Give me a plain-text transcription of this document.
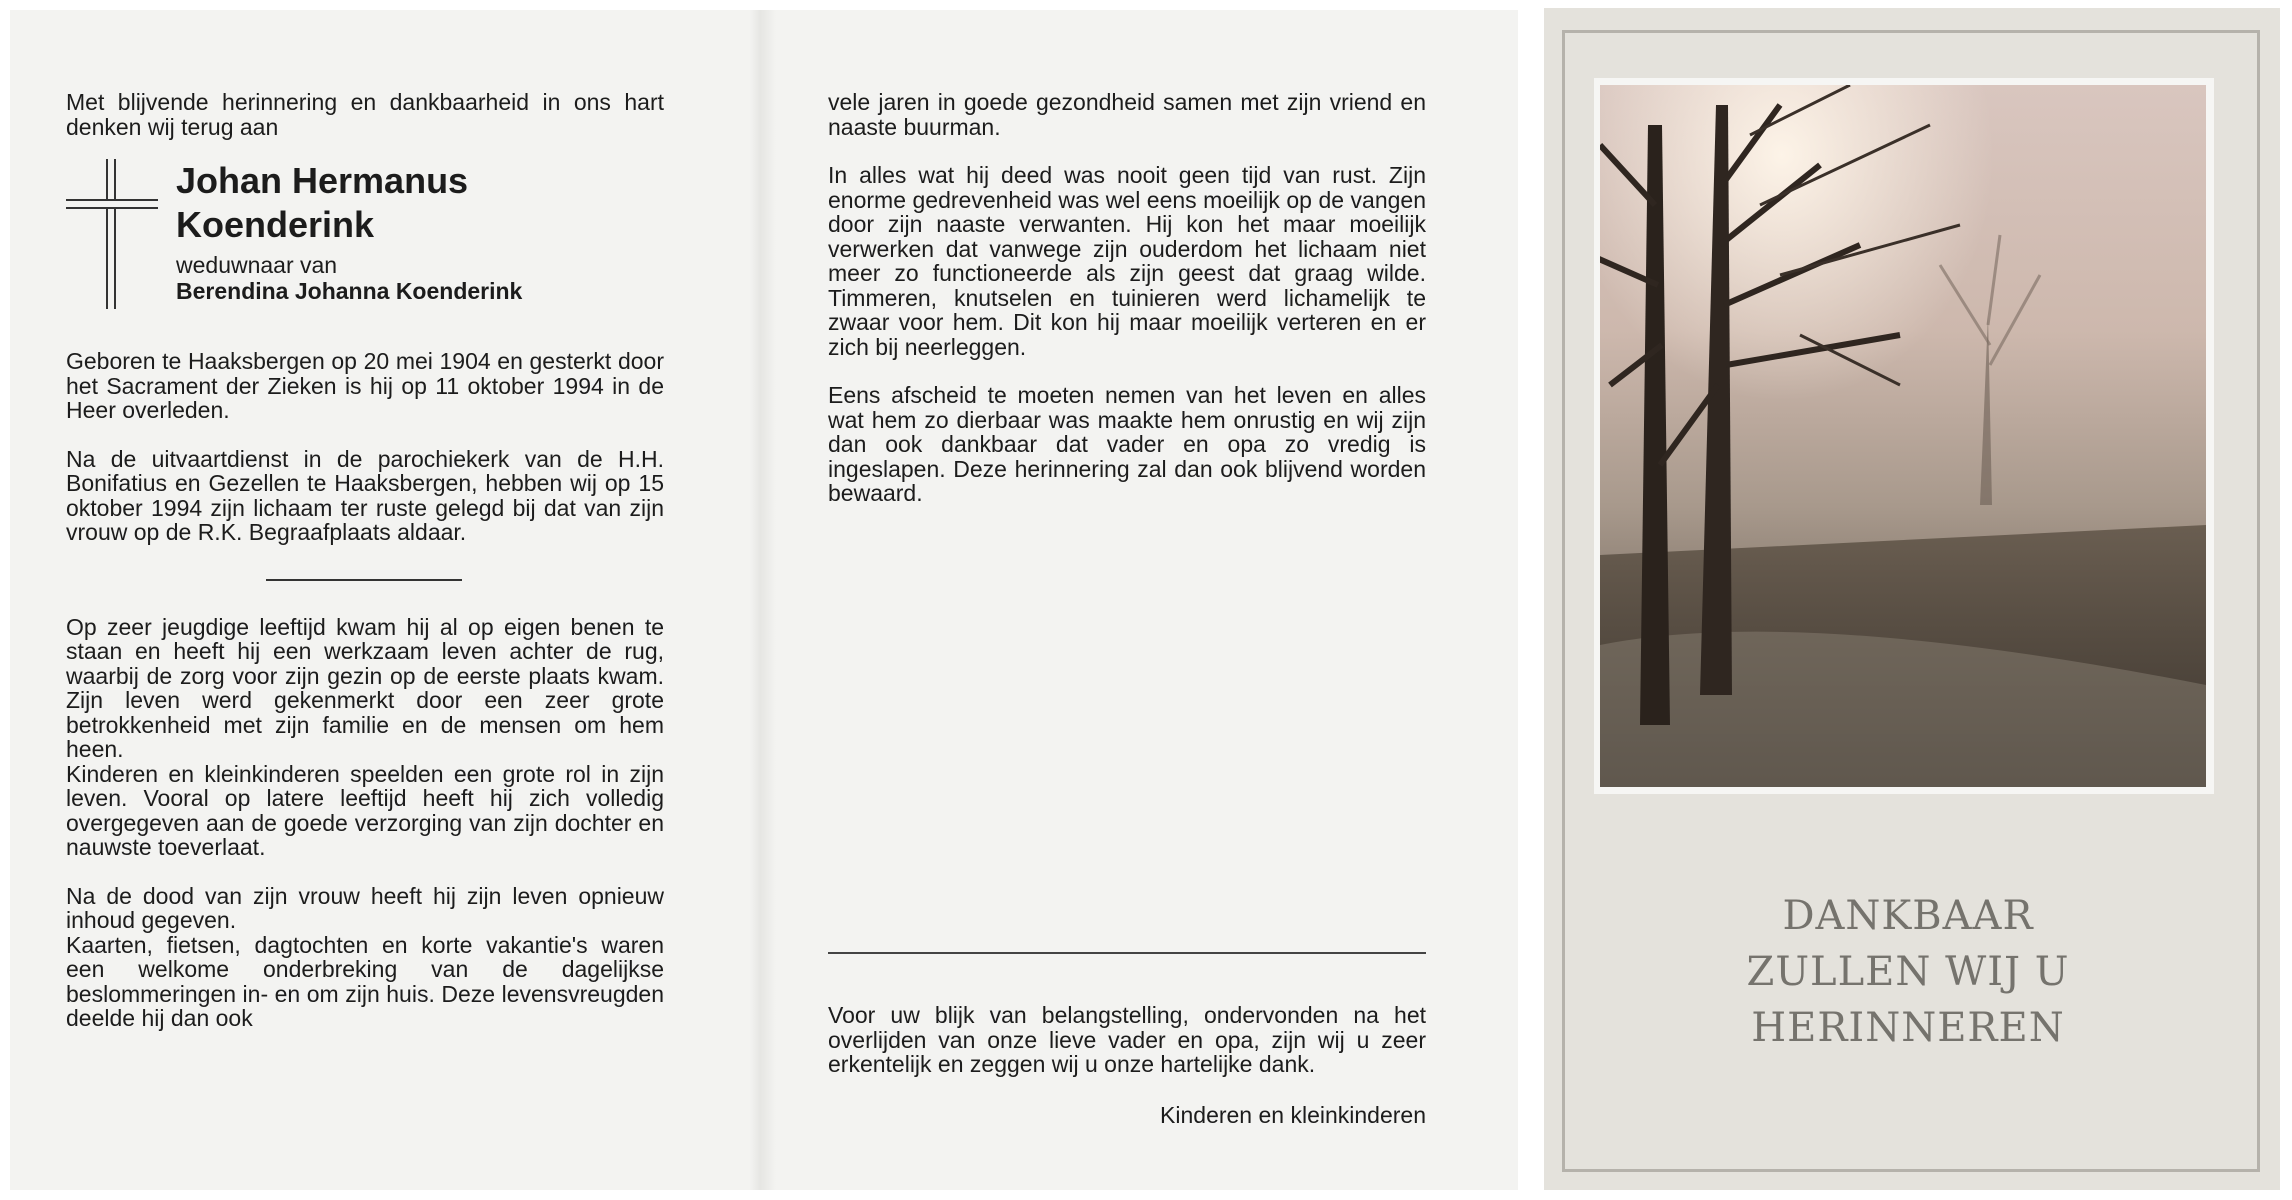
Met blijvende herinnering en dankbaarheid in ons hart denken wij terug aan

Johan Hermanus
Koenderink
weduwnaar van
Berendina Johanna Koenderink

Geboren te Haaksbergen op 20 mei 1904 en gesterkt door het Sacrament der Zieken is hij op 11 oktober 1994 in de Heer overleden.

Na de uitvaartdienst in de parochiekerk van de H.H. Bonifatius en Gezellen te Haaksbergen, hebben wij op 15 oktober 1994 zijn lichaam ter ruste gelegd bij dat van zijn vrouw op de R.K. Begraafplaats aldaar.

Op zeer jeugdige leeftijd kwam hij al op eigen benen te staan en heeft hij een werkzaam leven achter de rug, waarbij de zorg voor zijn gezin op de eerste plaats kwam. Zijn leven werd gekenmerkt door een zeer grote betrokkenheid met zijn familie en de mensen om hem heen.

Kinderen en kleinkinderen speelden een grote rol in zijn leven. Vooral op latere leeftijd heeft hij zich volledig overgegeven aan de goede verzorging van zijn dochter en nauwste toeverlaat.

Na de dood van zijn vrouw heeft hij zijn leven opnieuw inhoud gegeven.

Kaarten, fietsen, dagtochten en korte vakantie's waren een welkome onderbreking van de dagelijkse beslommeringen in- en om zijn huis. Deze levensvreugden deelde hij dan ook

vele jaren in goede gezondheid samen met zijn vriend en naaste buurman.

In alles wat hij deed was nooit geen tijd van rust. Zijn enorme gedrevenheid was wel eens moeilijk op de vangen door zijn naaste verwanten. Hij kon het maar moeilijk verwerken dat vanwege zijn ouderdom het lichaam niet meer zo functioneerde als zijn geest dat graag wilde. Timmeren, knutselen en tuinieren werd lichamelijk te zwaar voor hem. Dit kon hij maar moeilijk verteren en er zich bij neerleggen.

Eens afscheid te moeten nemen van het leven en alles wat hem zo dierbaar was maakte hem onrustig en wij zijn dan ook dankbaar dat vader en opa zo vredig is ingeslapen. Deze herinnering zal dan ook blijvend worden bewaard.

Voor uw blijk van belangstelling, ondervonden na het overlijden van onze lieve vader en opa, zijn wij u zeer erkentelijk en zeggen wij u onze hartelijke dank.

Kinderen en kleinkinderen
DANKBAAR
ZULLEN WIJ U
HERINNEREN
